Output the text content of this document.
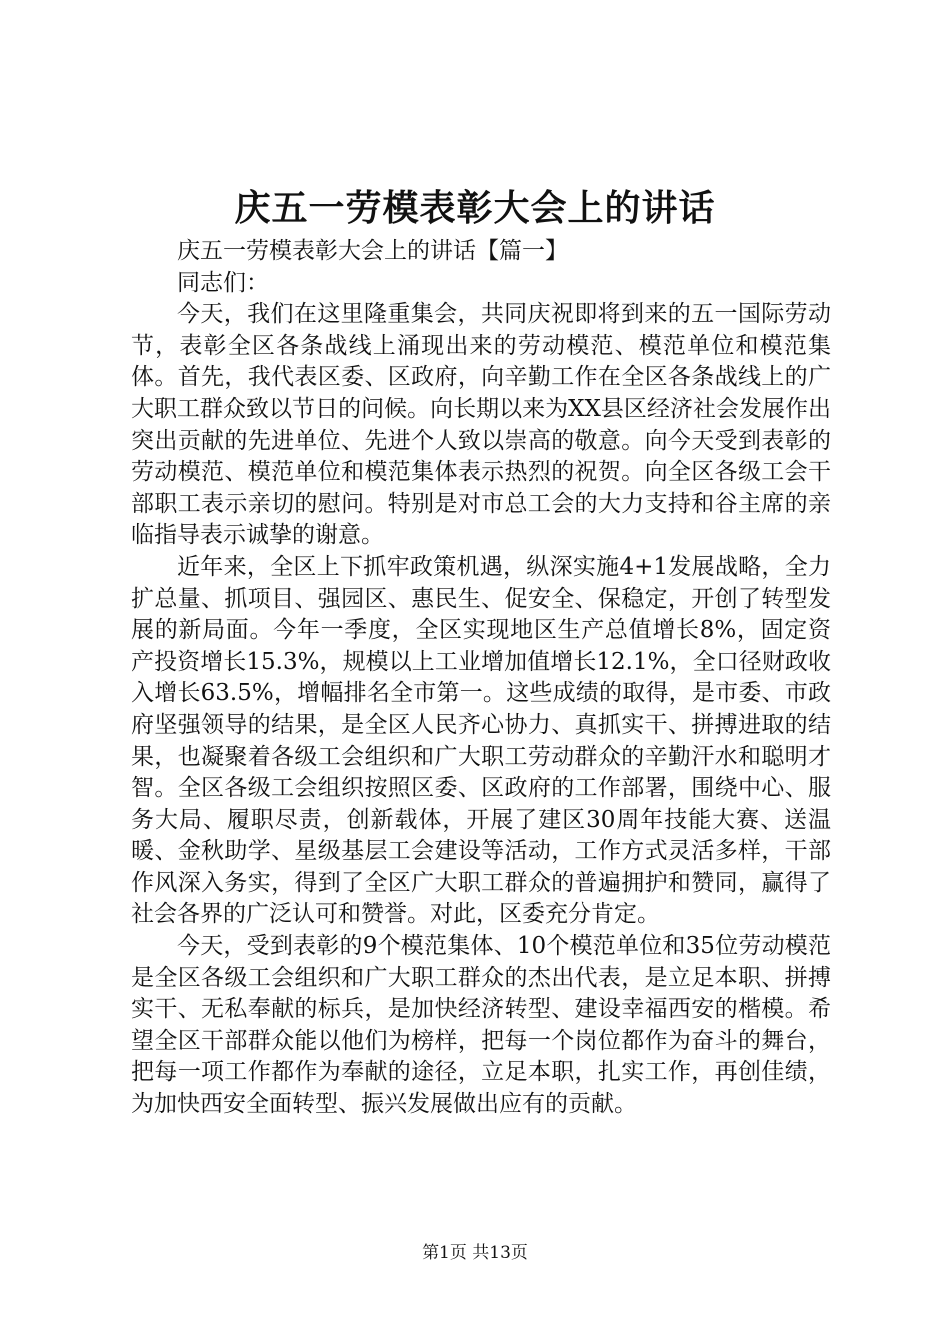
庆五一劳模表彰大会上的讲话

庆五一劳模表彰大会上的讲话【篇一】

同志们：

今天，我们在这里隆重集会，共同庆祝即将到来的五一国际劳动节，表彰全区各条战线上涌现出来的劳动模范、模范单位和模范集体。首先，我代表区委、区政府，向辛勤工作在全区各条战线上的广大职工群众致以节日的问候。向长期以来为XX县区经济社会发展作出突出贡献的先进单位、先进个人致以崇高的敬意。向今天受到表彰的劳动模范、模范单位和模范集体表示热烈的祝贺。向全区各级工会干部职工表示亲切的慰问。特别是对市总工会的大力支持和谷主席的亲临指导表示诚挚的谢意。

近年来，全区上下抓牢政策机遇，纵深实施4+1发展战略，全力扩总量、抓项目、强园区、惠民生、促安全、保稳定，开创了转型发展的新局面。今年一季度，全区实现地区生产总值增长8%，固定资产投资增长15.3%，规模以上工业增加值增长12.1%，全口径财政收入增长63.5%，增幅排名全市第一。这些成绩的取得，是市委、市政府坚强领导的结果，是全区人民齐心协力、真抓实干、拼搏进取的结果，也凝聚着各级工会组织和广大职工劳动群众的辛勤汗水和聪明才智。全区各级工会组织按照区委、区政府的工作部署，围绕中心、服务大局、履职尽责，创新载体，开展了建区30周年技能大赛、送温暖、金秋助学、星级基层工会建设等活动，工作方式灵活多样，干部作风深入务实，得到了全区广大职工群众的普遍拥护和赞同，赢得了社会各界的广泛认可和赞誉。对此，区委充分肯定。

今天，受到表彰的9个模范集体、10个模范单位和35位劳动模范是全区各级工会组织和广大职工群众的杰出代表，是立足本职、拼搏实干、无私奉献的标兵，是加快经济转型、建设幸福西安的楷模。希望全区干部群众能以他们为榜样，把每一个岗位都作为奋斗的舞台，把每一项工作都作为奉献的途径，立足本职，扎实工作，再创佳绩，为加快西安全面转型、振兴发展做出应有的贡献。

第1页 共13页
